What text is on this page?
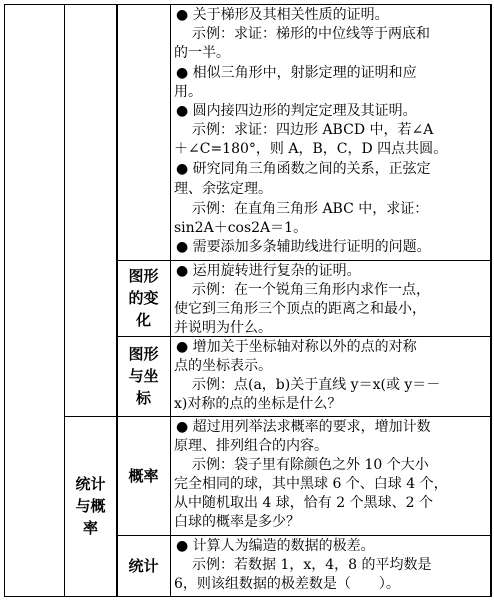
● 关于梯形及其相关性质的证明。
示例：求证：梯形的中位线等于两底和
的一半。
● 相似三角形中，射影定理的证明和应
用。
● 圆内接四边形的判定定理及其证明。
示例：求证：四边形 ABCD 中，若∠A
＋∠C=180°，则 A，B，C，D 四点共圆。
● 研究同角三角函数之间的关系，正弦定
理、余弦定理。
示例：在直角三角形 ABC 中，求证：
sin2A＋cos2A＝1。
● 需要添加多条辅助线进行证明的问题。
图形
的变
化
● 运用旋转进行复杂的证明。
示例：在一个锐角三角形内求作一点，
使它到三角形三个顶点的距离之和最小，
并说明为什么。
图形
与坐
标
● 增加关于坐标轴对称以外的点的对称
点的坐标表示。
示例：点(a，b)关于直线 y＝x(或 y＝－
x)对称的点的坐标是什么？
统计
与概
率
概率
● 超过用列举法求概率的要求，增加计数
原理、排列组合的内容。
示例：袋子里有除颜色之外 10 个大小
完全相同的球，其中黑球 6 个、白球 4 个，
从中随机取出 4 球，恰有 2 个黑球、2 个
白球的概率是多少？
统计
● 计算人为编造的数据的极差。
示例：若数据 1，x，4，8 的平均数是
6，则该组数据的极差数是（　　）。
